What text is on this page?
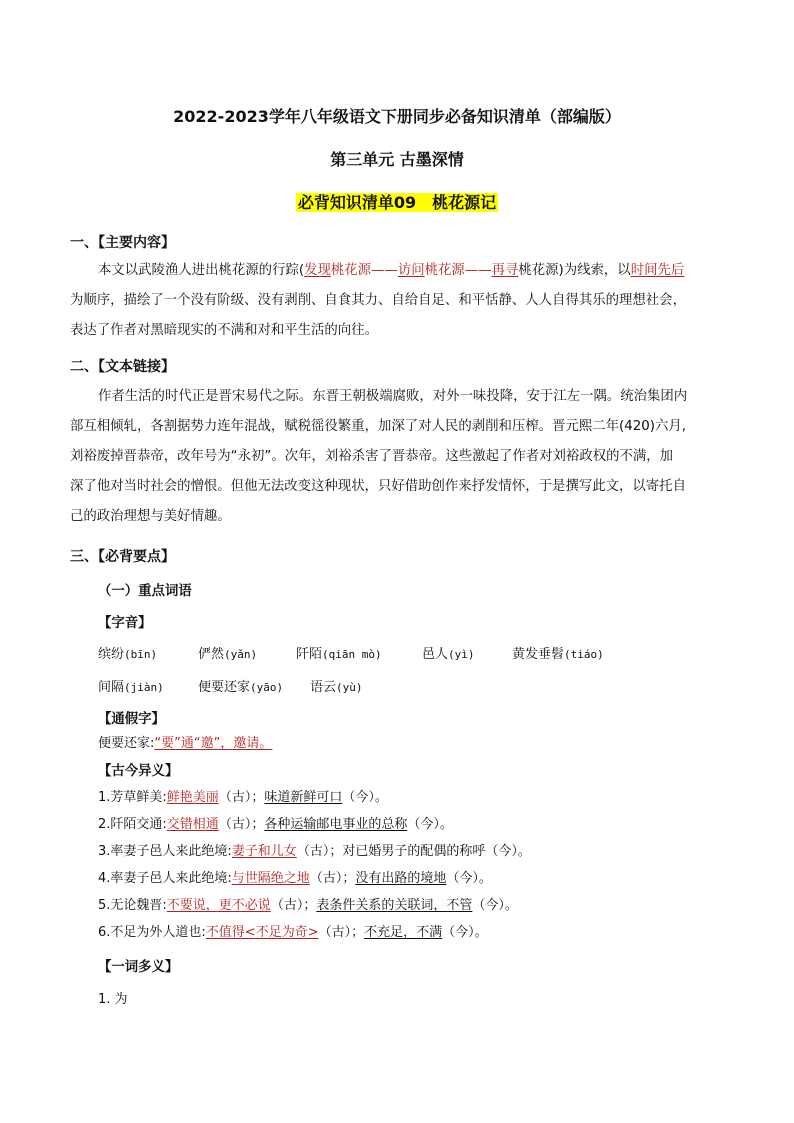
2022-2023学年八年级语文下册同步必备知识清单（部编版）
第三单元 古墨深情
必背知识清单09 桃花源记
一、【主要内容】

本文以武陵渔人进出桃花源的行踪(发现桃花源——访问桃花源——再寻桃花源)为线索，以时间先后

为顺序，描绘了一个没有阶级、没有剥削、自食其力、自给自足、和平恬静、人人自得其乐的理想社会，

表达了作者对黑暗现实的不满和对和平生活的向往。

二、【文本链接】

作者生活的时代正是晋宋易代之际。东晋王朝极端腐败，对外一味投降，安于江左一隅。统治集团内

部互相倾轧，各割据势力连年混战，赋税徭役繁重，加深了对人民的剥削和压榨。晋元熙二年(420)六月,

刘裕废掉晋恭帝，改年号为“永初”。次年，刘裕杀害了晋恭帝。这些激起了作者对刘裕政权的不满，加

深了他对当时社会的憎恨。但他无法改变这种现状，只好借助创作来抒发情怀，于是撰写此文，以寄托自

己的政治理想与美好情趣。

三、【必背要点】
（一）重点词语
【字音】
缤纷(bīn)	俨然(yǎn)	阡陌(qiān mò)	邑人(yì)	黄发垂髫(tiáo)
间隔(jiàn)	便要还家(yāo) 语云(yù)
【通假字】
便要还家:“要”通“邀”，邀请。
【古今异义】
1.芳草鲜美:鲜艳美丽（古）；味道新鲜可口（今）。
2.阡陌交通:交错相通（古）；各种运输邮电事业的总称（今）。
3.率妻子邑人来此绝境:妻子和儿女（古）；对已婚男子的配偶的称呼（今）。
4.率妻子邑人来此绝境:与世隔绝之地（古）；没有出路的境地（今）。
5.无论魏晋:不要说，更不必说（古）；表条件关系的关联词，不管（今）。
6.不足为外人道也:不值得<不足为奇>（古）；不充足，不满（今）。
【一词多义】
1. 为
